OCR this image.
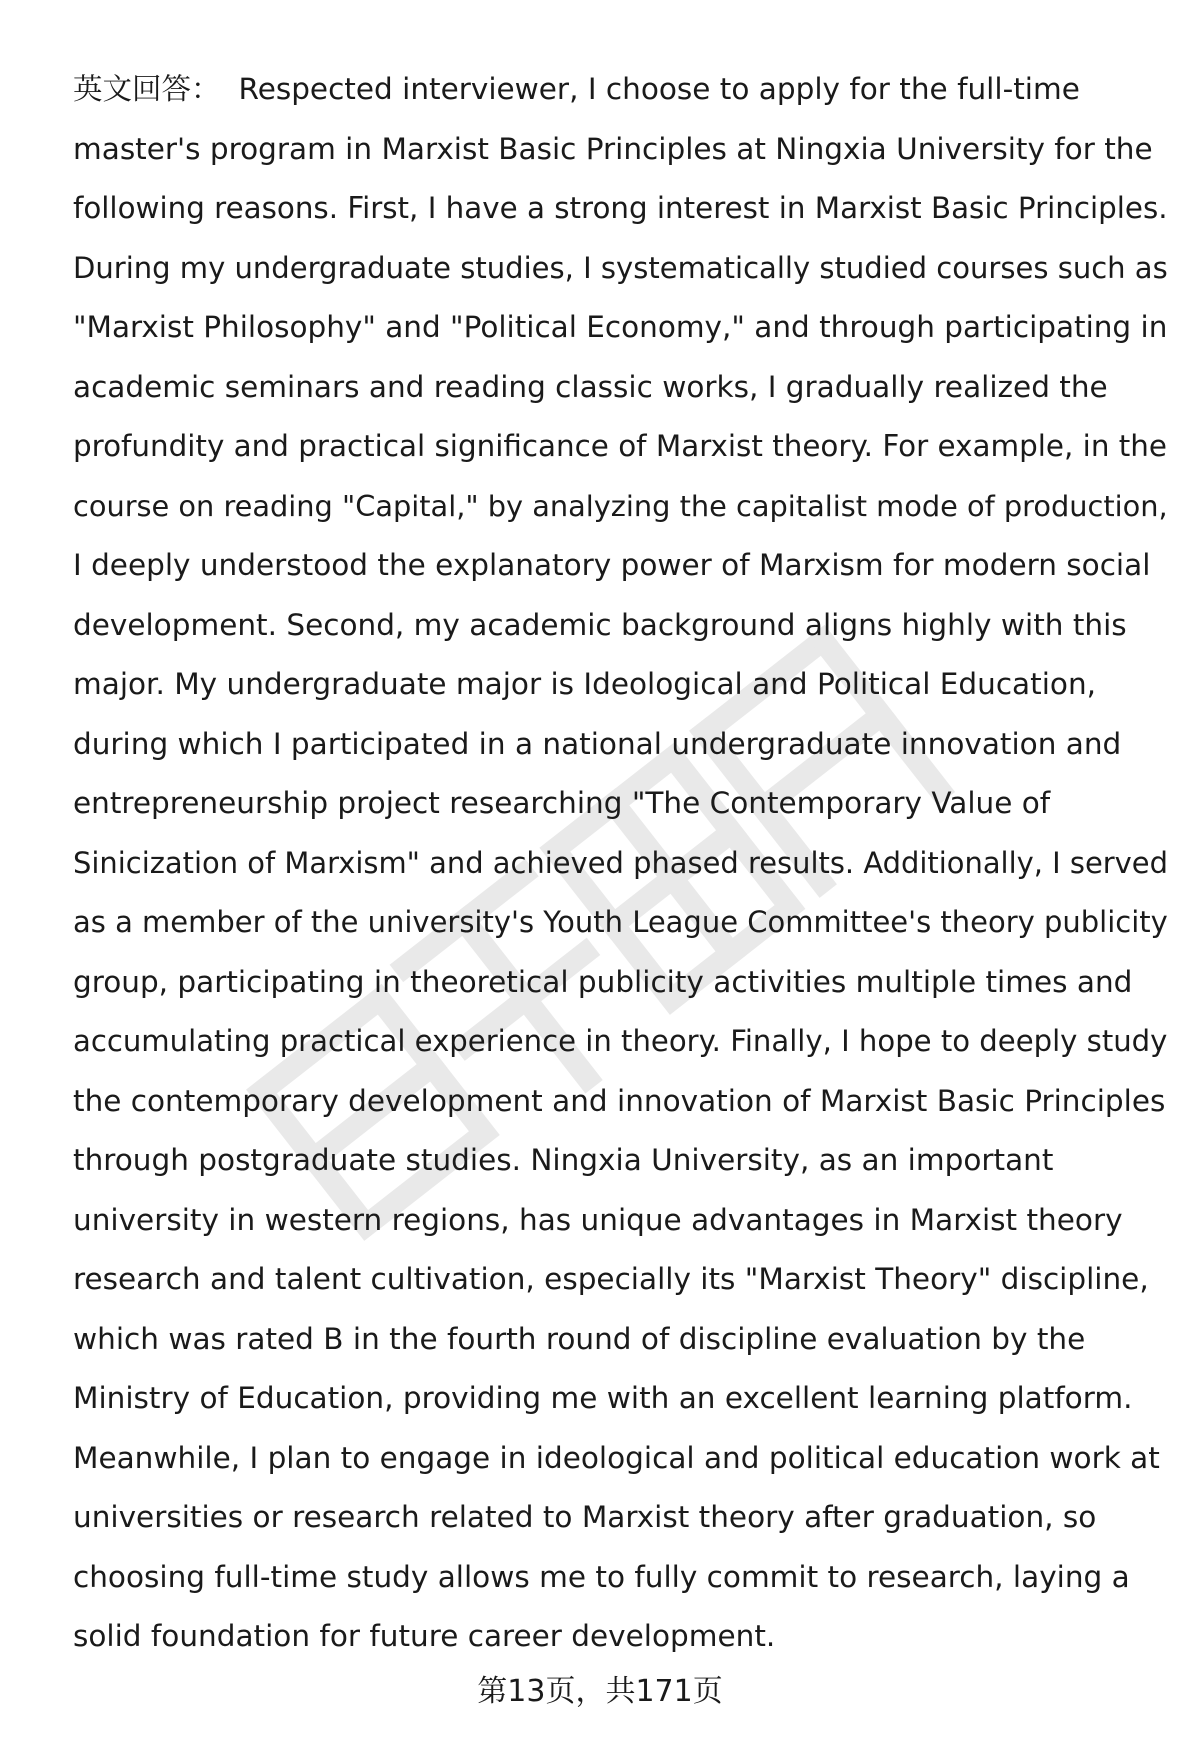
英文回答： Respected interviewer, I choose to apply for the full-time
master's program in Marxist Basic Principles at Ningxia University for the
following reasons. First, I have a strong interest in Marxist Basic Principles.
During my undergraduate studies, I systematically studied courses such as
"Marxist Philosophy" and "Political Economy," and through participating in
academic seminars and reading classic works, I gradually realized the
profundity and practical significance of Marxist theory. For example, in the
course on reading "Capital," by analyzing the capitalist mode of production,
I deeply understood the explanatory power of Marxism for modern social
development. Second, my academic background aligns highly with this
major. My undergraduate major is Ideological and Political Education,
during which I participated in a national undergraduate innovation and
entrepreneurship project researching "The Contemporary Value of
Sinicization of Marxism" and achieved phased results. Additionally, I served
as a member of the university's Youth League Committee's theory publicity
group, participating in theoretical publicity activities multiple times and
accumulating practical experience in theory. Finally, I hope to deeply study
the contemporary development and innovation of Marxist Basic Principles
through postgraduate studies. Ningxia University, as an important
university in western regions, has unique advantages in Marxist theory
research and talent cultivation, especially its "Marxist Theory" discipline,
which was rated B in the fourth round of discipline evaluation by the
Ministry of Education, providing me with an excellent learning platform.
Meanwhile, I plan to engage in ideological and political education work at
universities or research related to Marxist theory after graduation, so
choosing full-time study allows me to fully commit to research, laying a
solid foundation for future career development.
第13页，共171页
